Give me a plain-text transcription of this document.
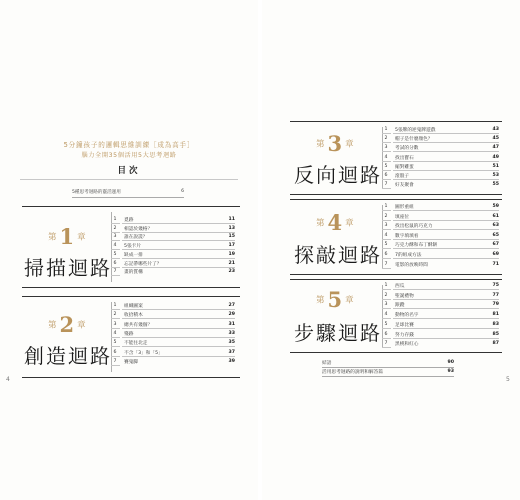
4	5
5分鐘孩子的邏輯思維訓練［成為高手］
腦力全開35個活用5大思考迴路
目次
5種思考迴路的靈活運用	6
第 1 章
掃描迴路
1	覓跡	11
2	相認於幾格？	13
3	誰在說謊？	15
4	5張卡片	17
5	缺成一排	19
6	忘記帶哪些片了？	21
7	畫的質構	23
第 2 章
創造迴路
1	組織圖案	27
2	收拾積木	29
3	總共有幾個？	31
4	殘跡	33
5	不能往北走	35
6	不含「3」和「5」	37
7	賽鬼脚	39
第 3 章
反向迴路
1	5張牌的逆鬼牌遊戲	43
2	帽子是什麼顏色？	45
3	考試的分數	47
4	找出寶石	49
5	縮對雞蛋	51
6	滾骰子	53
7	好友聚會	55
第 4 章
探敲迴路
1	圖形重組	59
2	填座位	61
3	找出松鼠的巧克力	63
4	數字填填看	65
5	巧克力酥和布丁酥餅	67
6	7的組成方法	69
7	電影的放映時間	71
第 5 章
步驟迴路
1	西瓜	75
2	聖誕禮物	77
3	跟蹤	79
4	動物的名字	81
5	足球比賽	83
6	努力存錢	85
7	黑桃和紅心	87
結語	90
活用思考迴路的說明和解答篇	93
